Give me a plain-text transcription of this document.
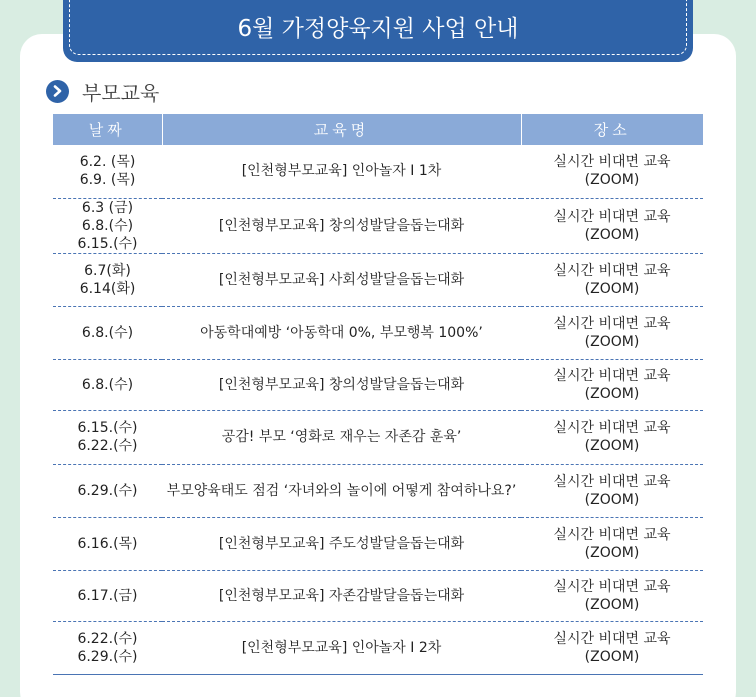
6월 가정양육지원 사업 안내
부모교육
날짜	교육명	장소

6.2. (목)
6.9. (목)	[인천형부모교육] 인아놀자 Ⅰ 1차	실시간 비대면 교육
(ZOOM)

6.3 (금)
6.8.(수)
6.15.(수)	[인천형부모교육] 창의성발달을돕는대화	실시간 비대면 교육
(ZOOM)

6.7(화)
6.14(화)	[인천형부모교육] 사회성발달을돕는대화	실시간 비대면 교육
(ZOOM)

6.8.(수)	아동학대예방 ‘아동학대 0%, 부모행복 100%’	실시간 비대면 교육
(ZOOM)

6.8.(수)	[인천형부모교육] 창의성발달을돕는대화	실시간 비대면 교육
(ZOOM)

6.15.(수)
6.22.(수)	공감! 부모 ‘영화로 재우는 자존감 훈육’	실시간 비대면 교육
(ZOOM)

6.29.(수)	부모양육태도 점검 ‘자녀와의 놀이에 어떻게 참여하나요?’	실시간 비대면 교육
(ZOOM)

6.16.(목)	[인천형부모교육] 주도성발달을돕는대화	실시간 비대면 교육
(ZOOM)

6.17.(금)	[인천형부모교육] 자존감발달을돕는대화	실시간 비대면 교육
(ZOOM)

6.22.(수)
6.29.(수)	[인천형부모교육] 인아놀자 Ⅰ 2차	실시간 비대면 교육
(ZOOM)
